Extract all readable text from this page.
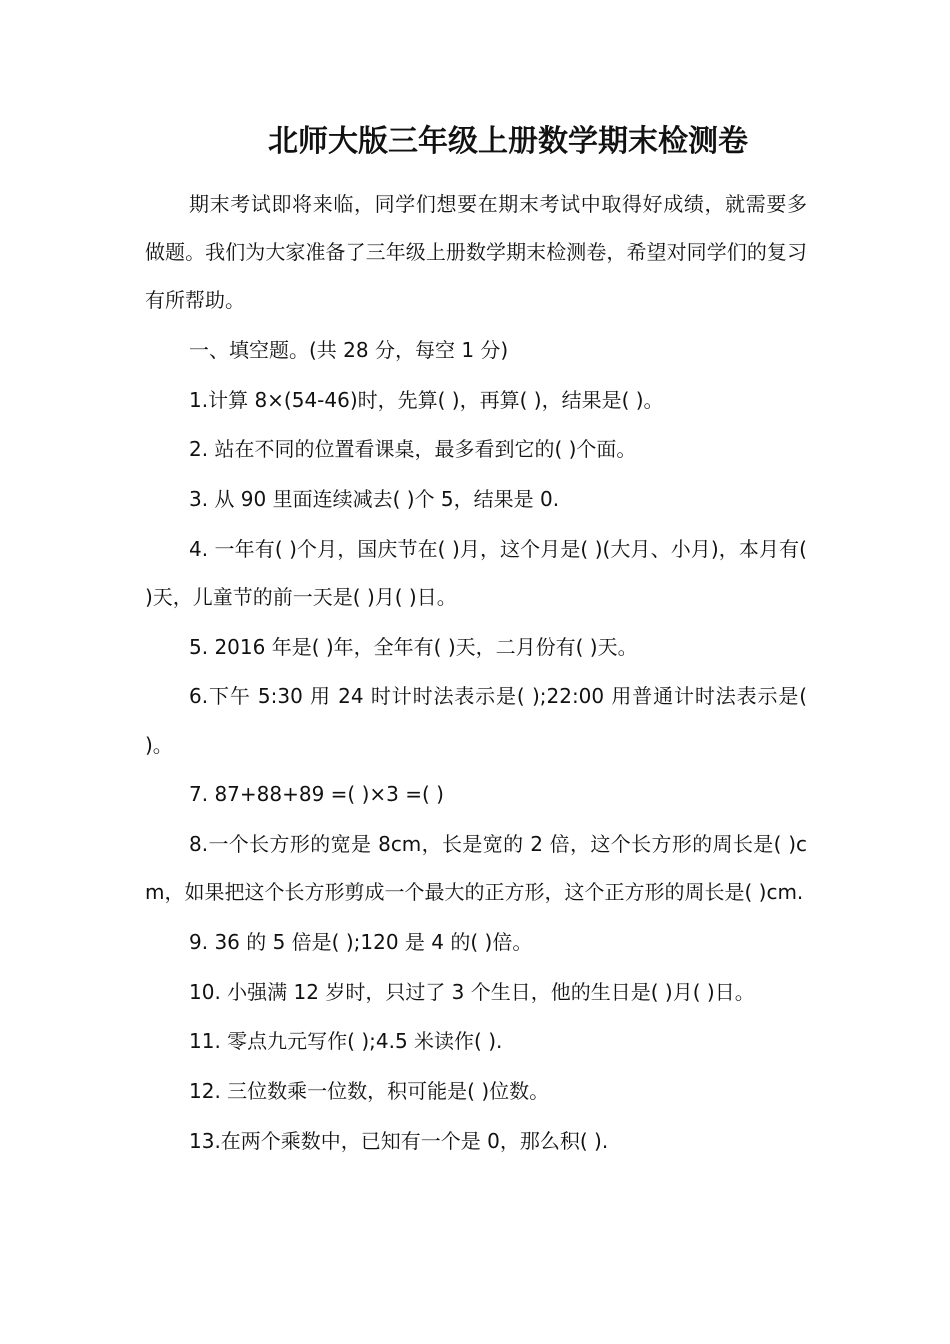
北师大版三年级上册数学期末检测卷

期末考试即将来临，同学们想要在期末考试中取得好成绩，就需要多做题。我们为大家准备了三年级上册数学期末检测卷，希望对同学们的复习有所帮助。

一、填空题。(共 28 分，每空 1 分)

1.计算 8×(54-46)时，先算( )，再算( )，结果是( )。

2. 站在不同的位置看课桌，最多看到它的( )个面。

3. 从 90 里面连续减去( )个 5，结果是 0.

4. 一年有( )个月，国庆节在( )月，这个月是( )(大月、小月)，本月有( )天，儿童节的前一天是( )月( )日。

5. 2016 年是( )年，全年有( )天，二月份有( )天。

6.下午 5:30 用 24 时计时法表示是( );22:00 用普通计时法表示是( )。

7. 87+88+89 =( )×3 =( )

8.一个长方形的宽是 8cm，长是宽的 2 倍，这个长方形的周长是( )cm，如果把这个长方形剪成一个最大的正方形，这个正方形的周长是( )cm.

9. 36 的 5 倍是( );120 是 4 的( )倍。

10. 小强满 12 岁时，只过了 3 个生日，他的生日是( )月( )日。

11. 零点九元写作( );4.5 米读作( ).

12. 三位数乘一位数，积可能是( )位数。

13.在两个乘数中，已知有一个是 0，那么积( ).
